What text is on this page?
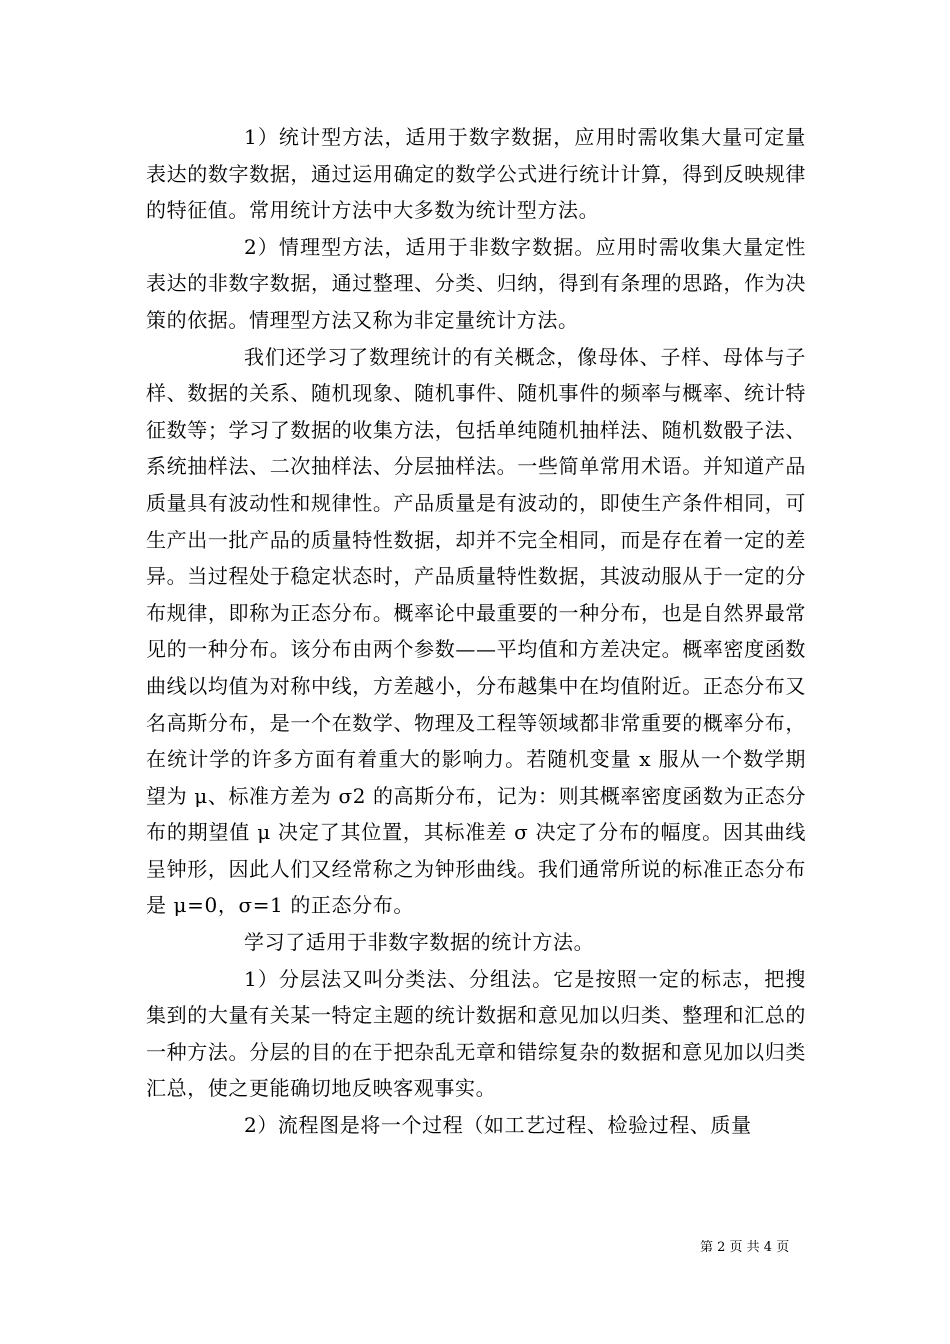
1）统计型方法，适用于数字数据，应用时需收集大量可定量表达的数字数据，通过运用确定的数学公式进行统计计算，得到反映规律的特征值。常用统计方法中大多数为统计型方法。

2）情理型方法，适用于非数字数据。应用时需收集大量定性表达的非数字数据，通过整理、分类、归纳，得到有条理的思路，作为决策的依据。情理型方法又称为非定量统计方法。

我们还学习了数理统计的有关概念，像母体、子样、母体与子样、数据的关系、随机现象、随机事件、随机事件的频率与概率、统计特征数等；学习了数据的收集方法，包括单纯随机抽样法、随机数骰子法、系统抽样法、二次抽样法、分层抽样法。一些简单常用术语。并知道产品质量具有波动性和规律性。产品质量是有波动的，即使生产条件相同，可生产出一批产品的质量特性数据，却并不完全相同，而是存在着一定的差异。当过程处于稳定状态时，产品质量特性数据，其波动服从于一定的分布规律，即称为正态分布。概率论中最重要的一种分布，也是自然界最常见的一种分布。该分布由两个参数——平均值和方差决定。概率密度函数曲线以均值为对称中线，方差越小，分布越集中在均值附近。正态分布又名高斯分布，是一个在数学、物理及工程等领域都非常重要的概率分布，在统计学的许多方面有着重大的影响力。若随机变量 x 服从一个数学期望为 μ、标准方差为 σ2 的高斯分布，记为：则其概率密度函数为正态分布的期望值 μ 决定了其位置，其标准差 σ 决定了分布的幅度。因其曲线呈钟形，因此人们又经常称之为钟形曲线。我们通常所说的标准正态分布是 μ=0，σ=1 的正态分布。

学习了适用于非数字数据的统计方法。

1）分层法又叫分类法、分组法。它是按照一定的标志，把搜集到的大量有关某一特定主题的统计数据和意见加以归类、整理和汇总的一种方法。分层的目的在于把杂乱无章和错综复杂的数据和意见加以归类汇总，使之更能确切地反映客观事实。

2）流程图是将一个过程（如工艺过程、检验过程、质量

第 2 页 共 4 页
